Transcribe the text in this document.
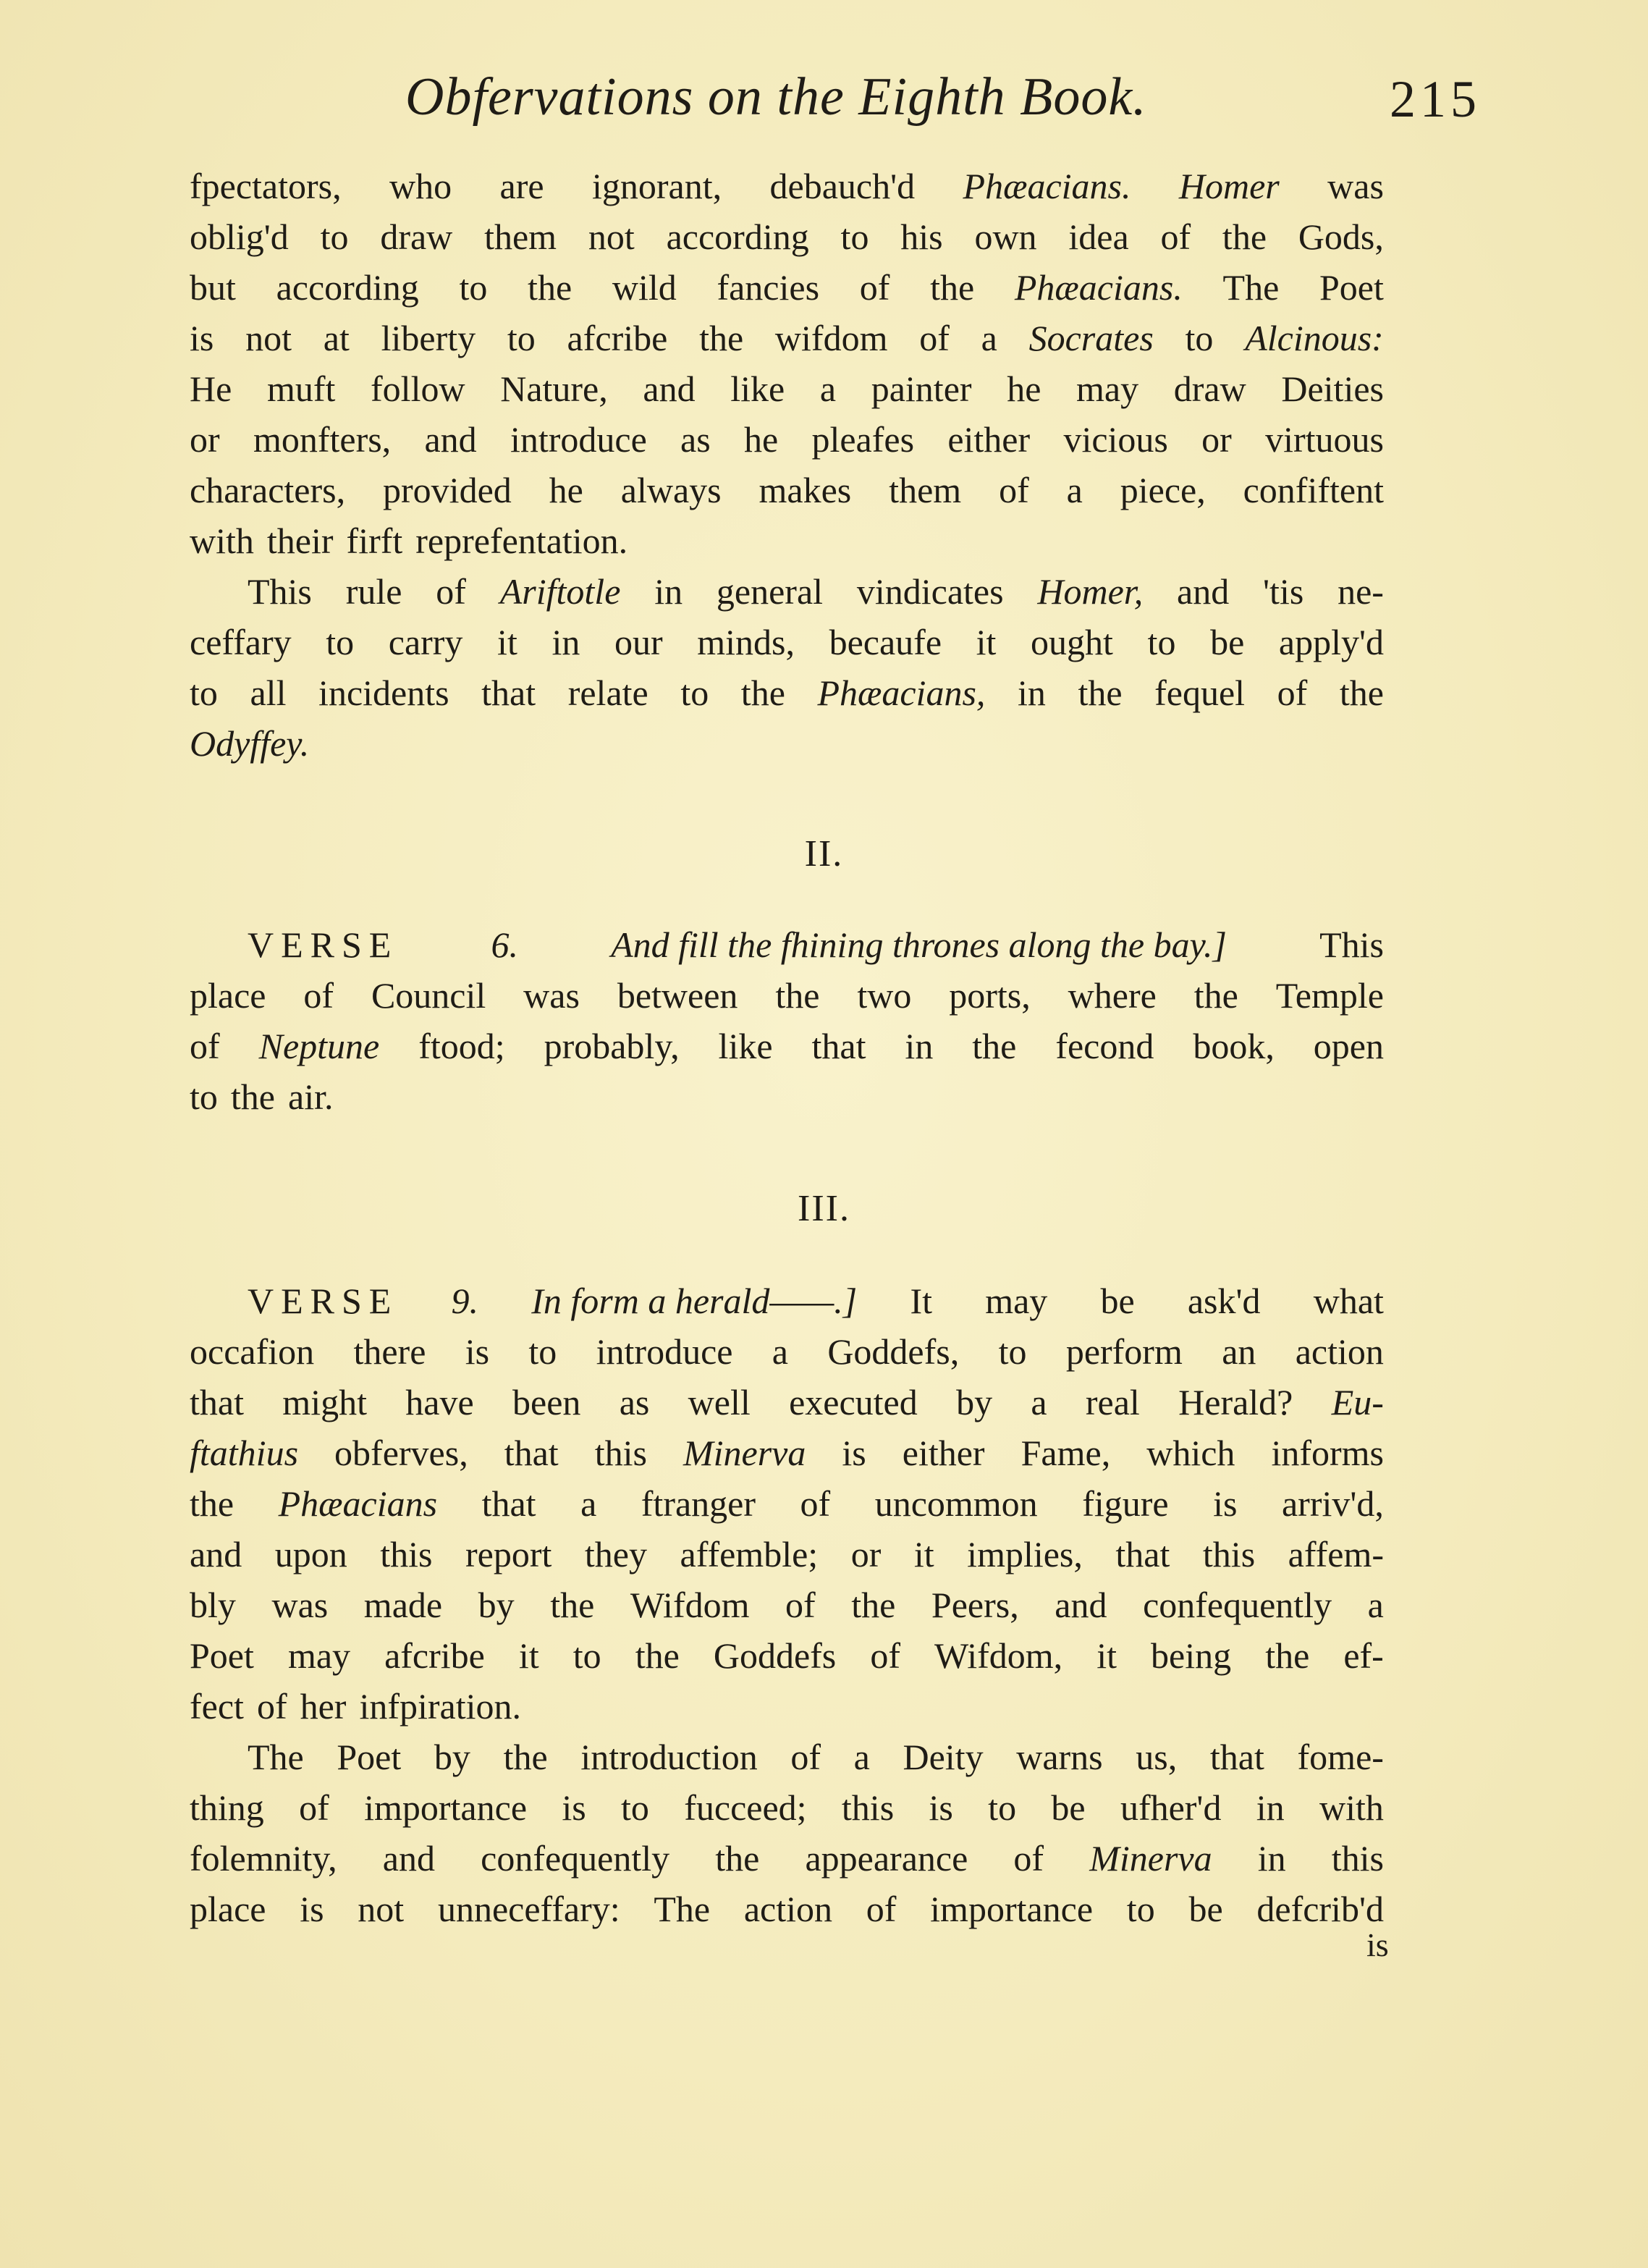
Obfervations on the Eighth Book.	215
fpectators, who are ignorant, debauch'd Phæacians. Homer was
oblig'd to draw them not according to his own idea of the Gods,
but according to the wild fancies of the Phæacians. The Poet
is not at liberty to afcribe the wifdom of a Socrates to Alcinous:
He muft follow Nature, and like a painter he may draw Deities
or monfters, and introduce as he pleafes either vicious or virtuous
characters, provided he always makes them of a piece, confiftent
with their firft reprefentation.
This rule of Ariftotle in general vindicates Homer, and 'tis ne-
ceffary to carry it in our minds, becaufe it ought to be apply'd
to all incidents that relate to the Phæacians, in the fequel of the
Odyffey.
II.
VERSE	6.	And fill the fhining thrones along the bay.]	This
place of Council was between the two ports, where the Temple
of Neptune ftood; probably, like that in the fecond book, open
to the air.
III.
VERSE 9. In form a herald——.] It may be ask'd what
occafion there is to introduce a Goddefs, to perform an action
that might have been as well executed by a real Herald? Eu-
ftathius obferves, that this Minerva is either Fame, which informs
the Phæacians that a ftranger of uncommon figure is arriv'd,
and upon this report they affemble; or it implies, that this affem-
bly was made by the Wifdom of the Peers, and confequently a
Poet may afcribe it to the Goddefs of Wifdom, it being the ef-
fect of her infpiration.
The Poet by the introduction of a Deity warns us, that fome-
thing of importance is to fucceed; this is to be ufher'd in with
folemnity, and confequently the appearance of Minerva in this
place is not unneceffary: The action of importance to be defcrib'd
is
